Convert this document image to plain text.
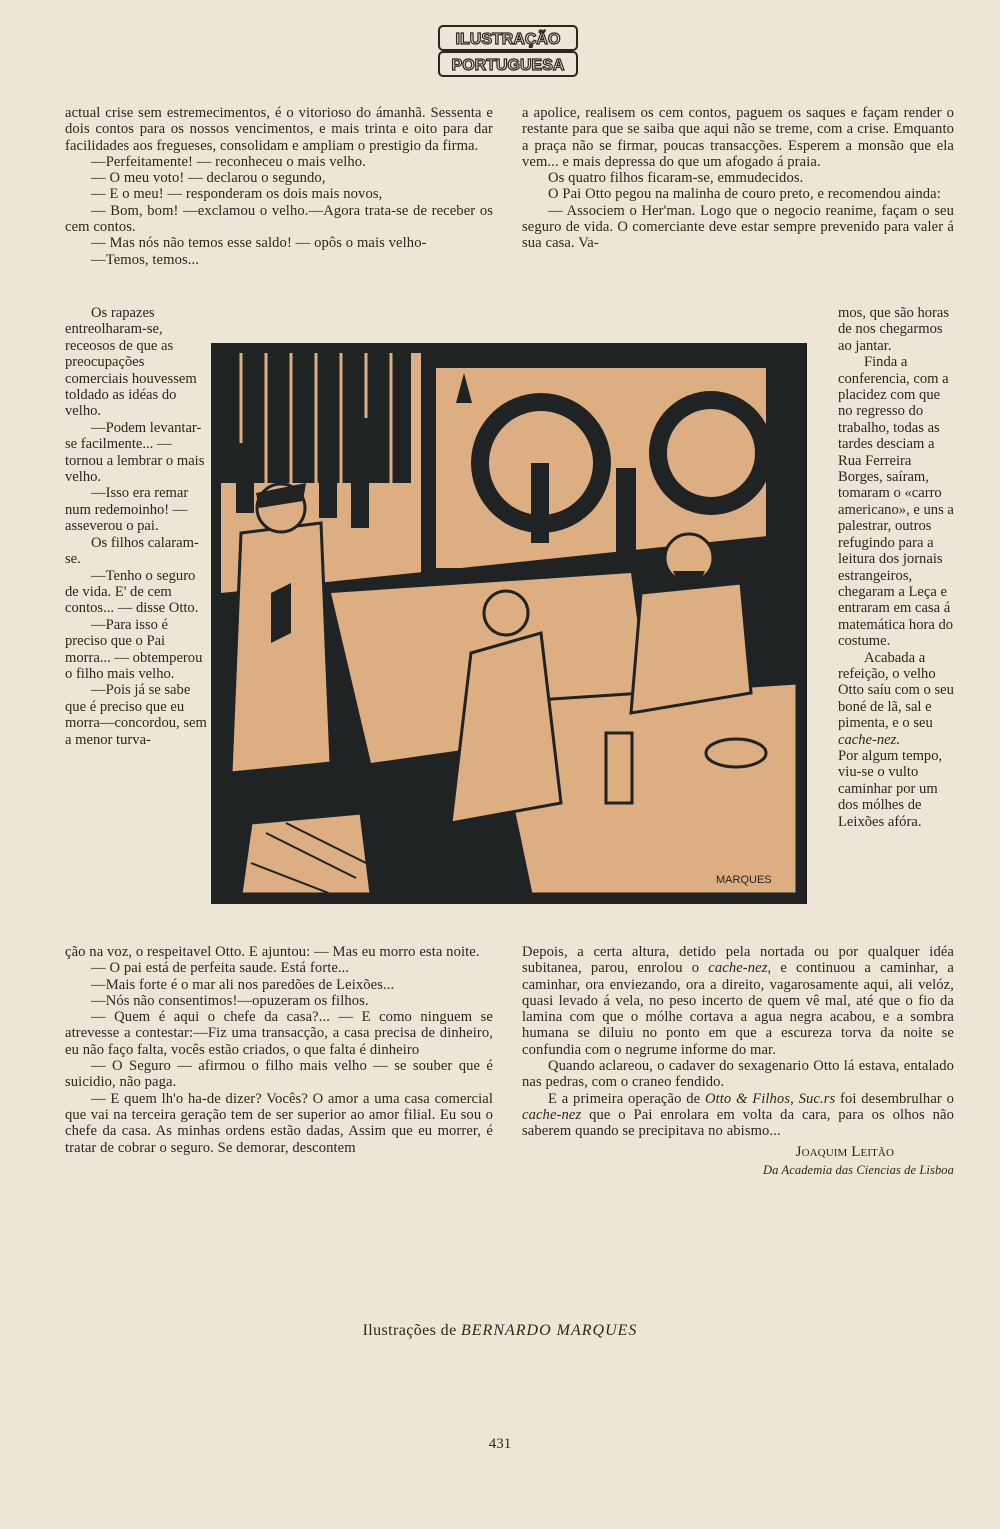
ILUSTRAÇÃO
PORTUGUESA

actual crise sem estremecimentos, é o vitorioso do ámanhã. Sessenta e dois contos para os nossos vencimentos, e mais trinta e oito para dar facilidades aos fregueses, consolidam e ampliam o prestigio da firma.

—Perfeitamente! — reconheceu o mais velho.

— O meu voto! — declarou o segundo,

— E o meu! — responderam os dois mais novos,

— Bom, bom! —exclamou o velho.—Agora trata-se de receber os cem contos.

— Mas nós não temos esse saldo! — opôs o mais velho-

—Temos, temos...

Os rapazes entreolharam-se, receosos de que as preocupações comerciais houvessem toldado as idéas do velho.

—Podem levantar-se facilmente... — tornou a lembrar o mais velho.

—Isso era remar num redemoinho! — asseverou o pai.

Os filhos calaram-se.

—Tenho o seguro de vida. E' de cem contos... — disse Otto.

—Para isso é preciso que o Pai morra... — obtemperou o filho mais velho.

—Pois já se sabe que é preciso que eu morra—concordou, sem a menor turva-

ção na voz, o respeitavel Otto. E ajuntou: — Mas eu morro esta noite.

— O pai está de perfeita saude. Está forte...

—Mais forte é o mar ali nos paredões de Leixões...

—Nós não consentimos!—opuzeram os filhos.

— Quem é aqui o chefe da casa?... — E como ninguem se atrevesse a contestar:—Fiz uma transacção, a casa precisa de dinheiro, eu não faço falta, vocês estão criados, o que falta é dinheiro

— O Seguro — afirmou o filho mais velho — se souber que é suicidio, não paga.

— E quem lh'o ha-de dizer? Vocês? O amor a uma casa comercial que vai na terceira geração tem de ser superior ao amor filial. Eu sou o chefe da casa. As minhas ordens estão dadas, Assim que eu morrer, é tratar de cobrar o seguro. Se demorar, descontem

a apolice, realisem os cem contos, paguem os saques e façam render o restante para que se saiba que aqui não se treme, com a crise. Emquanto a praça não se firmar, poucas transacções. Esperem a monsão que ela vem... e mais depressa do que um afogado á praia.

Os quatro filhos ficaram-se, emmudecidos.

O Pai Otto pegou na malinha de couro preto, e recomendou ainda:

— Associem o Her'man. Logo que o negocio reanime, façam o seu seguro de vida. O comerciante deve estar sempre prevenido para valer á sua casa. Va-

mos, que são horas de nos chegarmos ao jantar.

Finda a conferencia, com a placidez com que no regresso do trabalho, todas as tardes desciam a Rua Ferreira Borges, saíram, tomaram o «carro americano», e uns a palestrar, outros refugindo para a leitura dos jornais estrangeiros, chegaram a Leça e entraram em casa á matemática hora do costume.

Acabada a refeição, o velho Otto saíu com o seu boné de lã, sal e pimenta, e o seu cache-nez.

Por algum tempo, viu-se o vulto caminhar por um dos mólhes de Leixões afóra.

Depois, a certa altura, detido pela nortada ou por qualquer idéa subitanea, parou, enrolou o cache-nez, e continuou a caminhar, a caminhar, ora enviezando, ora a direito, vagarosamente aqui, ali velóz, quasi levado á vela, no peso incerto de quem vê mal, até que o fio da lamina com que o mólhe cortava a agua negra acabou, e a sombra humana se diluiu no ponto em que a escureza torva da noite se confundia com o negrume informe do mar.

Quando aclareou, o cadaver do sexagenario Otto lá estava, entalado nas pedras, com o craneo fendido.

E a primeira operação de Otto & Filhos, Suc.rs foi desembrulhar o cache-nez que o Pai enrolara em volta da cara, para os olhos não saberem quando se precipitava no abismo...

Joaquim Leitão

Da Academia das Ciencias de Lisboa

MARQUES
Ilustrações de BERNARDO MARQUES
431
